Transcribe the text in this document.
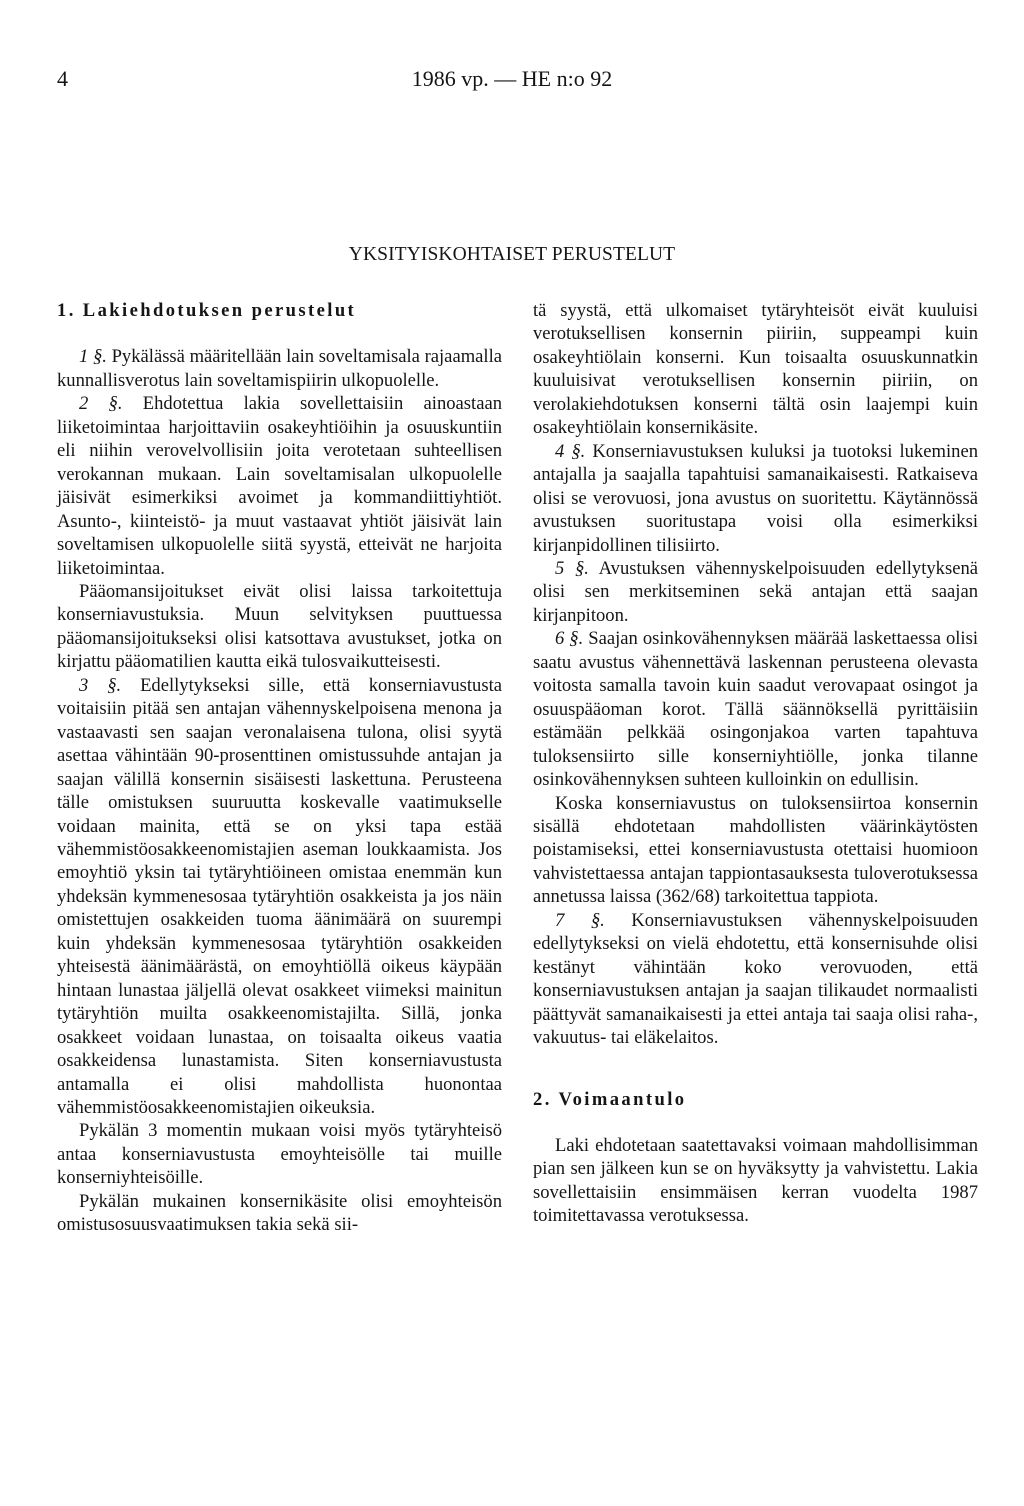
4	1986 vp. — HE n:o 92
YKSITYISKOHTAISET PERUSTELUT
1. Lakiehdotuksen perustelut

1 §. Pykälässä määritellään lain soveltamisala rajaamalla kunnallisverotus lain soveltamispiirin ulkopuolelle.

2 §. Ehdotettua lakia sovellettaisiin ainoastaan liiketoimintaa harjoittaviin osakeyhtiöihin ja osuuskuntiin eli niihin verovelvollisiin joita verotetaan suhteellisen verokannan mukaan. Lain soveltamisalan ulkopuolelle jäisivät esimerkiksi avoimet ja kommandiittiyhtiöt. Asunto-, kiinteistö- ja muut vastaavat yhtiöt jäisivät lain soveltamisen ulkopuolelle siitä syystä, etteivät ne harjoita liiketoimintaa.

Pääomansijoitukset eivät olisi laissa tarkoitettuja konserniavustuksia. Muun selvityksen puuttuessa pääomansijoitukseksi olisi katsottava avustukset, jotka on kirjattu pääomatilien kautta eikä tulosvaikutteisesti.

3 §. Edellytykseksi sille, että konserniavustusta voitaisiin pitää sen antajan vähennyskelpoisena menona ja vastaavasti sen saajan veronalaisena tulona, olisi syytä asettaa vähintään 90-prosenttinen omistussuhde antajan ja saajan välillä konsernin sisäisesti laskettuna. Perusteena tälle omistuksen suuruutta koskevalle vaatimukselle voidaan mainita, että se on yksi tapa estää vähemmistöosakkeenomistajien aseman loukkaamista. Jos emoyhtiö yksin tai tytäryhtiöineen omistaa enemmän kun yhdeksän kymmenesosaa tytäryhtiön osakkeista ja jos näin omistettujen osakkeiden tuoma äänimäärä on suurempi kuin yhdeksän kymmenesosaa tytäryhtiön osakkeiden yhteisestä äänimäärästä, on emoyhtiöllä oikeus käypään hintaan lunastaa jäljellä olevat osakkeet viimeksi mainitun tytäryhtiön muilta osakkeenomistajilta. Sillä, jonka osakkeet voidaan lunastaa, on toisaalta oikeus vaatia osakkeidensa lunastamista. Siten konserniavustusta antamalla ei olisi mahdollista huonontaa vähemmistöosakkeenomistajien oikeuksia.

Pykälän 3 momentin mukaan voisi myös tytäryhteisö antaa konserniavustusta emoyhteisölle tai muille konserniyhteisöille.

Pykälän mukainen konsernikäsite olisi emoyhteisön omistusosuusvaatimuksen takia sekä sii-

tä syystä, että ulkomaiset tytäryhteisöt eivät kuuluisi verotuksellisen konsernin piiriin, suppeampi kuin osakeyhtiölain konserni. Kun toisaalta osuuskunnatkin kuuluisivat verotuksellisen konsernin piiriin, on verolakiehdotuksen konserni tältä osin laajempi kuin osakeyhtiölain konsernikäsite.

4 §. Konserniavustuksen kuluksi ja tuotoksi lukeminen antajalla ja saajalla tapahtuisi samanaikaisesti. Ratkaiseva olisi se verovuosi, jona avustus on suoritettu. Käytännössä avustuksen suoritustapa voisi olla esimerkiksi kirjanpidollinen tilisiirto.

5 §. Avustuksen vähennyskelpoisuuden edellytyksenä olisi sen merkitseminen sekä antajan että saajan kirjanpitoon.

6 §. Saajan osinkovähennyksen määrää laskettaessa olisi saatu avustus vähennettävä laskennan perusteena olevasta voitosta samalla tavoin kuin saadut verovapaat osingot ja osuuspääoman korot. Tällä säännöksellä pyrittäisiin estämään pelkkää osingonjakoa varten tapahtuva tuloksensiirto sille konserniyhtiölle, jonka tilanne osinkovähennyksen suhteen kulloinkin on edullisin.

Koska konserniavustus on tuloksensiirtoa konsernin sisällä ehdotetaan mahdollisten väärinkäytösten poistamiseksi, ettei konserniavustusta otettaisi huomioon vahvistettaessa antajan tappiontasauksesta tuloverotuksessa annetussa laissa (362/68) tarkoitettua tappiota.

7 §. Konserniavustuksen vähennyskelpoisuuden edellytykseksi on vielä ehdotettu, että konsernisuhde olisi kestänyt vähintään koko verovuoden, että konserniavustuksen antajan ja saajan tilikaudet normaalisti päättyvät samanaikaisesti ja ettei antaja tai saaja olisi raha-, vakuutus- tai eläkelaitos.

2. Voimaantulo

Laki ehdotetaan saatettavaksi voimaan mahdollisimman pian sen jälkeen kun se on hyväksytty ja vahvistettu. Lakia sovellettaisiin ensimmäisen kerran vuodelta 1987 toimitettavassa verotuksessa.
